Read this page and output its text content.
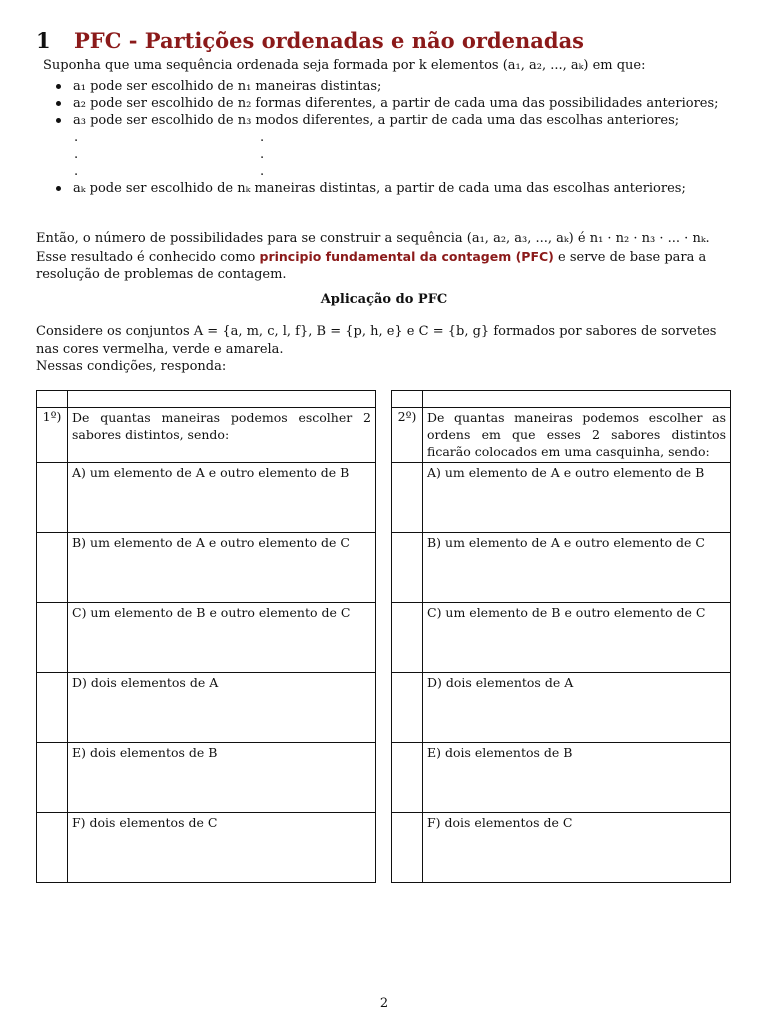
1 PFC - Partições ordenadas e não ordenadas
Suponha que uma sequência ordenada seja formada por k elementos (a₁, a₂, ..., aₖ) em que:
a₁ pode ser escolhido de n₁ maneiras distintas;
a₂ pode ser escolhido de n₂ formas diferentes, a partir de cada uma das possibilidades anteriores;
a₃ pode ser escolhido de n₃ modos diferentes, a partir de cada uma das escolhas anteriores;
.	.
.	.
.	.
aₖ pode ser escolhido de nₖ maneiras distintas, a partir de cada uma das escolhas anteriores;
Então, o número de possibilidades para se construir a sequência (a₁, a₂, a₃, ..., aₖ) é n₁ · n₂ · n₃ · ... · nₖ. Esse resultado é conhecido como principio fundamental da contagem (PFC) e serve de base para a resolução de problemas de contagem.
Aplicação do PFC
Considere os conjuntos A = {a, m, c, l, f}, B = {p, h, e} e C = {b, g} formados por sabores de sorvetes nas cores vermelha, verde e amarela.
Nessas condições, responda:

1º)	De quantas maneiras podemos escolher 2 sabores distintos, sendo:
	A) um elemento de A e outro elemento de B
	B) um elemento de A e outro elemento de C
	C) um elemento de B e outro elemento de C
	D) dois elementos de A
	E) dois elementos de B
	F) dois elementos de C

2º)	De quantas maneiras podemos escolher as ordens em que esses 2 sabores distintos ficarão colocados em uma casquinha, sendo:
	A) um elemento de A e outro elemento de B
	B) um elemento de A e outro elemento de C
	C) um elemento de B e outro elemento de C
	D) dois elementos de A
	E) dois elementos de B
	F) dois elementos de C
2
